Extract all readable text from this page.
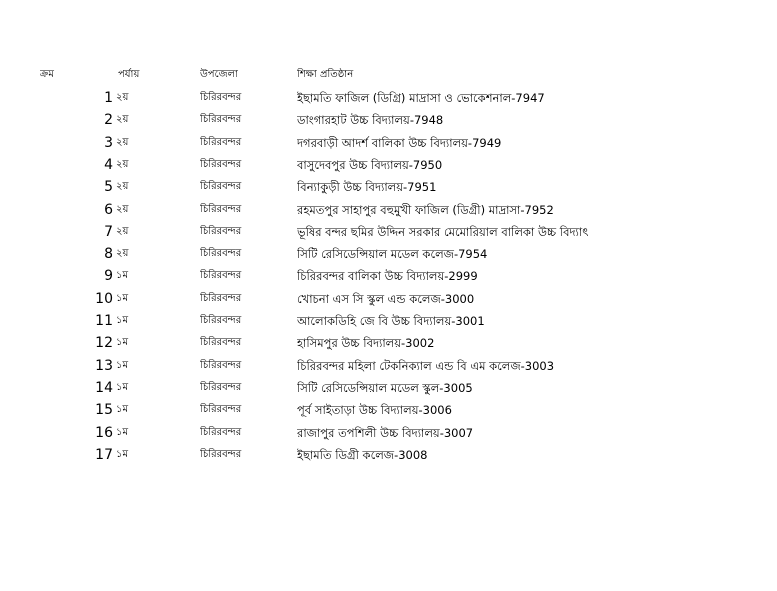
ক্রম	পর্যায়	উপজেলা	শিক্ষা প্রতিষ্ঠান
1 ২য়	চিরিরবন্দর	ইছামতি ফাজিল (ডিগ্রি) মাদ্রাসা ও ভোকেশনাল-7947
2 ২য়	চিরিরবন্দর	ডাংগারহাট উচ্চ বিদ্যালয়-7948
3 ২য়	চিরিরবন্দর	দগরবাড়ী আদর্শ বালিকা উচ্চ বিদ্যালয়-7949
4 ২য়	চিরিরবন্দর	বাসুদেবপুর উচ্চ বিদ্যালয়-7950
5 ২য়	চিরিরবন্দর	বিন্যাকুড়ী উচ্চ বিদ্যালয়-7951
6 ২য়	চিরিরবন্দর	রহমতপুর সাহাপুর বহুমুখী ফাজিল (ডিগ্রী) মাদ্রাসা-7952
7 ২য়	চিরিরবন্দর	ভূষির বন্দর ছমির উদ্দিন সরকার মেমোরিয়াল বালিকা উচ্চ বিদ্যাৎ
8 ২য়	চিরিরবন্দর	সিটি রেসিডেন্সিয়াল মডেল কলেজ-7954
9 ১ম	চিরিরবন্দর	চিরিরবন্দর বালিকা উচ্চ বিদ্যালয়-2999
10 ১ম	চিরিরবন্দর	খোচনা এস সি স্কুল এন্ড কলেজ-3000
11 ১ম	চিরিরবন্দর	আলোকডিহি জে বি উচ্চ বিদ্যালয়-3001
12 ১ম	চিরিরবন্দর	হাসিমপুর উচ্চ বিদ্যালয়-3002
13 ১ম	চিরিরবন্দর	চিরিরবন্দর মহিলা টেকনিক্যাল এন্ড বি এম কলেজ-3003
14 ১ম	চিরিরবন্দর	সিটি রেসিডেন্সিয়াল মডেল স্কুল-3005
15 ১ম	চিরিরবন্দর	পূর্ব সাইতাড়া উচ্চ বিদ্যালয়-3006
16 ১ম	চিরিরবন্দর	রাজাপুর তপশিলী উচ্চ বিদ্যালয়-3007
17 ১ম	চিরিরবন্দর	ইছামতি ডিগ্রী কলেজ-3008
